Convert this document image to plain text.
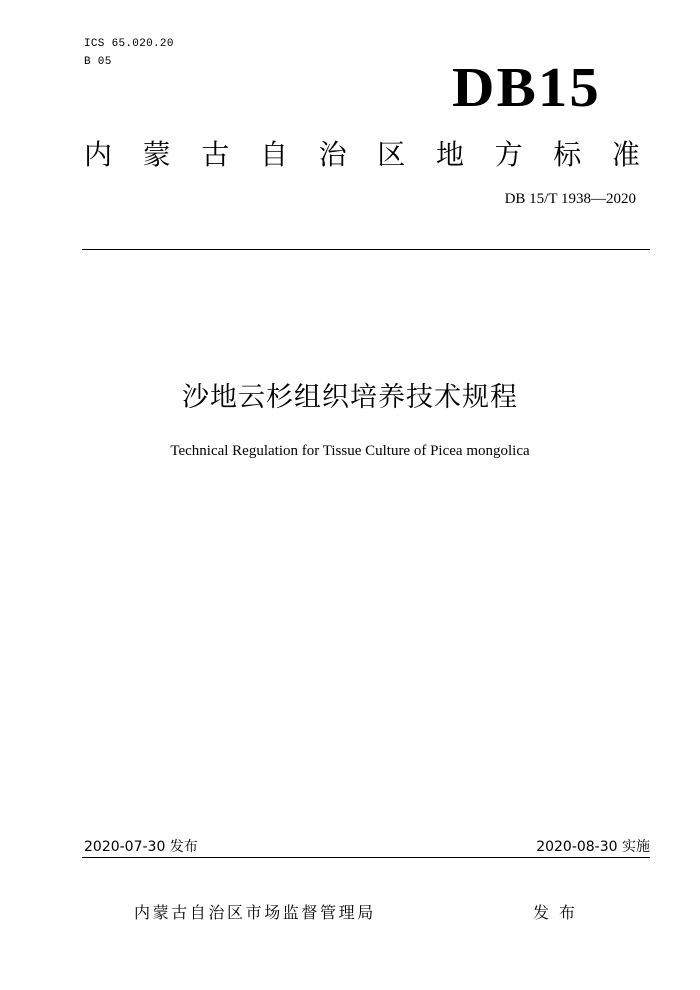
ICS 65.020.20
B 05	DB15
内 蒙 古 自 治 区 地 方 标 准
DB 15/T 1938—2020
沙地云杉组织培养技术规程
Technical Regulation for Tissue Culture of Picea mongolica
2020-07-30 发布	2020-08-30 实施
内蒙古自治区市场监督管理局	发布
